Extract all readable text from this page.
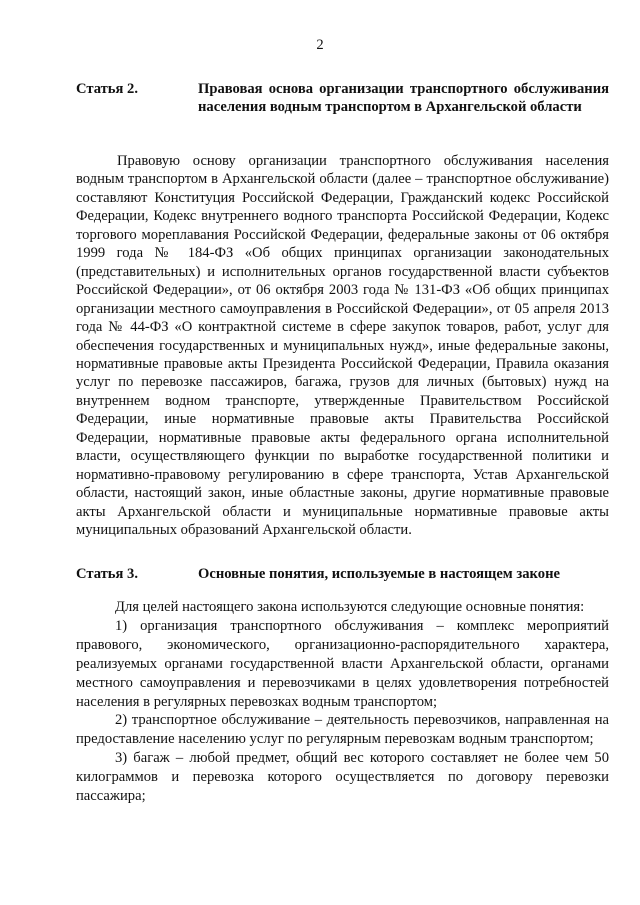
2
Статья 2.	Правовая основа организации транспортного обслуживания населения водным транспортом в Архангельской области

Правовую основу организации транспортного обслуживания населения водным транспортом в Архангельской области (далее – транспортное обслуживание) составляют Конституция Российской Федерации, Гражданский кодекс Российской Федерации, Кодекс внутреннего водного транспорта Российской Федерации, Кодекс торгового мореплавания Российской Федерации, федеральные законы от 06 октября 1999 года № 184-ФЗ «Об общих принципах организации законодательных (представительных) и исполнительных органов государственной власти субъектов Российской Федерации», от 06 октября 2003 года № 131-ФЗ «Об общих принципах организации местного самоуправления в Российской Федерации», от 05 апреля 2013 года № 44-ФЗ «О контрактной системе в сфере закупок товаров, работ, услуг для обеспечения государственных и муниципальных нужд», иные федеральные законы, нормативные правовые акты Президента Российской Федерации, Правила оказания услуг по перевозке пассажиров, багажа, грузов для личных (бытовых) нужд на внутреннем водном транспорте, утвержденные Правительством Российской Федерации, иные нормативные правовые акты Правительства Российской Федерации, нормативные правовые акты федерального органа исполнительной власти, осуществляющего функции по выработке государственной политики и нормативно-правовому регулированию в сфере транспорта, Устав Архангельской области, настоящий закон, иные областные законы, другие нормативные правовые акты Архангельской области и муниципальные нормативные правовые акты муниципальных образований Архангельской области.

Статья 3.	Основные понятия, используемые в настоящем законе

Для целей настоящего закона используются следующие основные понятия:

1) организация транспортного обслуживания – комплекс мероприятий правового, экономического, организационно-распорядительного характера, реализуемых органами государственной власти Архангельской области, органами местного самоуправления и перевозчиками в целях удовлетворения потребностей населения в регулярных перевозках водным транспортом;

2) транспортное обслуживание – деятельность перевозчиков, направленная на предоставление населению услуг по регулярным перевозкам водным транспортом;

3) багаж – любой предмет, общий вес которого составляет не более чем 50 килограммов и перевозка которого осуществляется по договору перевозки пассажира;
